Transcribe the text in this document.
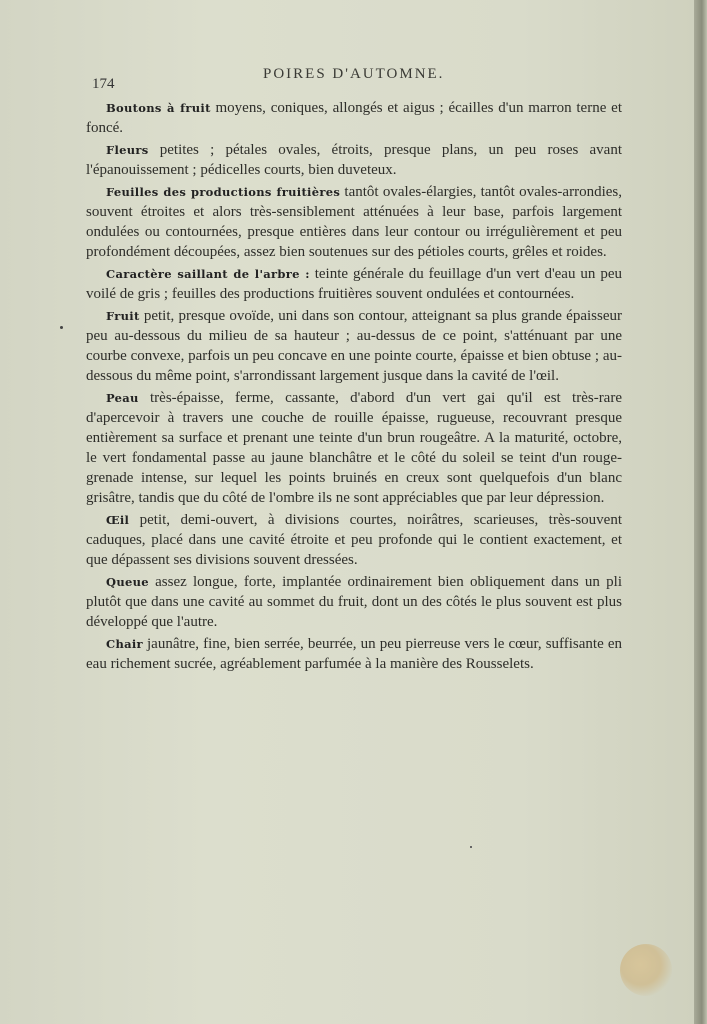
174
POIRES D'AUTOMNE.

Boutons à fruit moyens, coniques, allongés et aigus ; écailles d'un marron terne et foncé.

Fleurs petites ; pétales ovales, étroits, presque plans, un peu roses avant l'épanouissement ; pédicelles courts, bien duveteux.

Feuilles des productions fruitières tantôt ovales-élargies, tantôt ovales-arrondies, souvent étroites et alors très-sensiblement atténuées à leur base, parfois largement ondulées ou contournées, presque entières dans leur contour ou irrégulièrement et peu profondément découpées, assez bien soutenues sur des pétioles courts, grêles et roides.

Caractère saillant de l'arbre : teinte générale du feuillage d'un vert d'eau un peu voilé de gris ; feuilles des productions fruitières souvent ondulées et contournées.

Fruit petit, presque ovoïde, uni dans son contour, atteignant sa plus grande épaisseur peu au-dessous du milieu de sa hauteur ; au-dessus de ce point, s'atténuant par une courbe convexe, parfois un peu concave en une pointe courte, épaisse et bien obtuse ; au-dessous du même point, s'arrondissant largement jusque dans la cavité de l'œil.

Peau très-épaisse, ferme, cassante, d'abord d'un vert gai qu'il est très-rare d'apercevoir à travers une couche de rouille épaisse, rugueuse, recouvrant presque entièrement sa surface et prenant une teinte d'un brun rougeâtre. A la maturité, octobre, le vert fondamental passe au jaune blanchâtre et le côté du soleil se teint d'un rouge-grenade intense, sur lequel les points bruinés en creux sont quelquefois d'un blanc grisâtre, tandis que du côté de l'ombre ils ne sont appréciables que par leur dépression.

Œil petit, demi-ouvert, à divisions courtes, noirâtres, scarieuses, très-souvent caduques, placé dans une cavité étroite et peu profonde qui le contient exactement, et que dépassent ses divisions souvent dressées.

Queue assez longue, forte, implantée ordinairement bien obliquement dans un pli plutôt que dans une cavité au sommet du fruit, dont un des côtés le plus souvent est plus développé que l'autre.

Chair jaunâtre, fine, bien serrée, beurrée, un peu pierreuse vers le cœur, suffisante en eau richement sucrée, agréablement parfumée à la manière des Rousselets.
